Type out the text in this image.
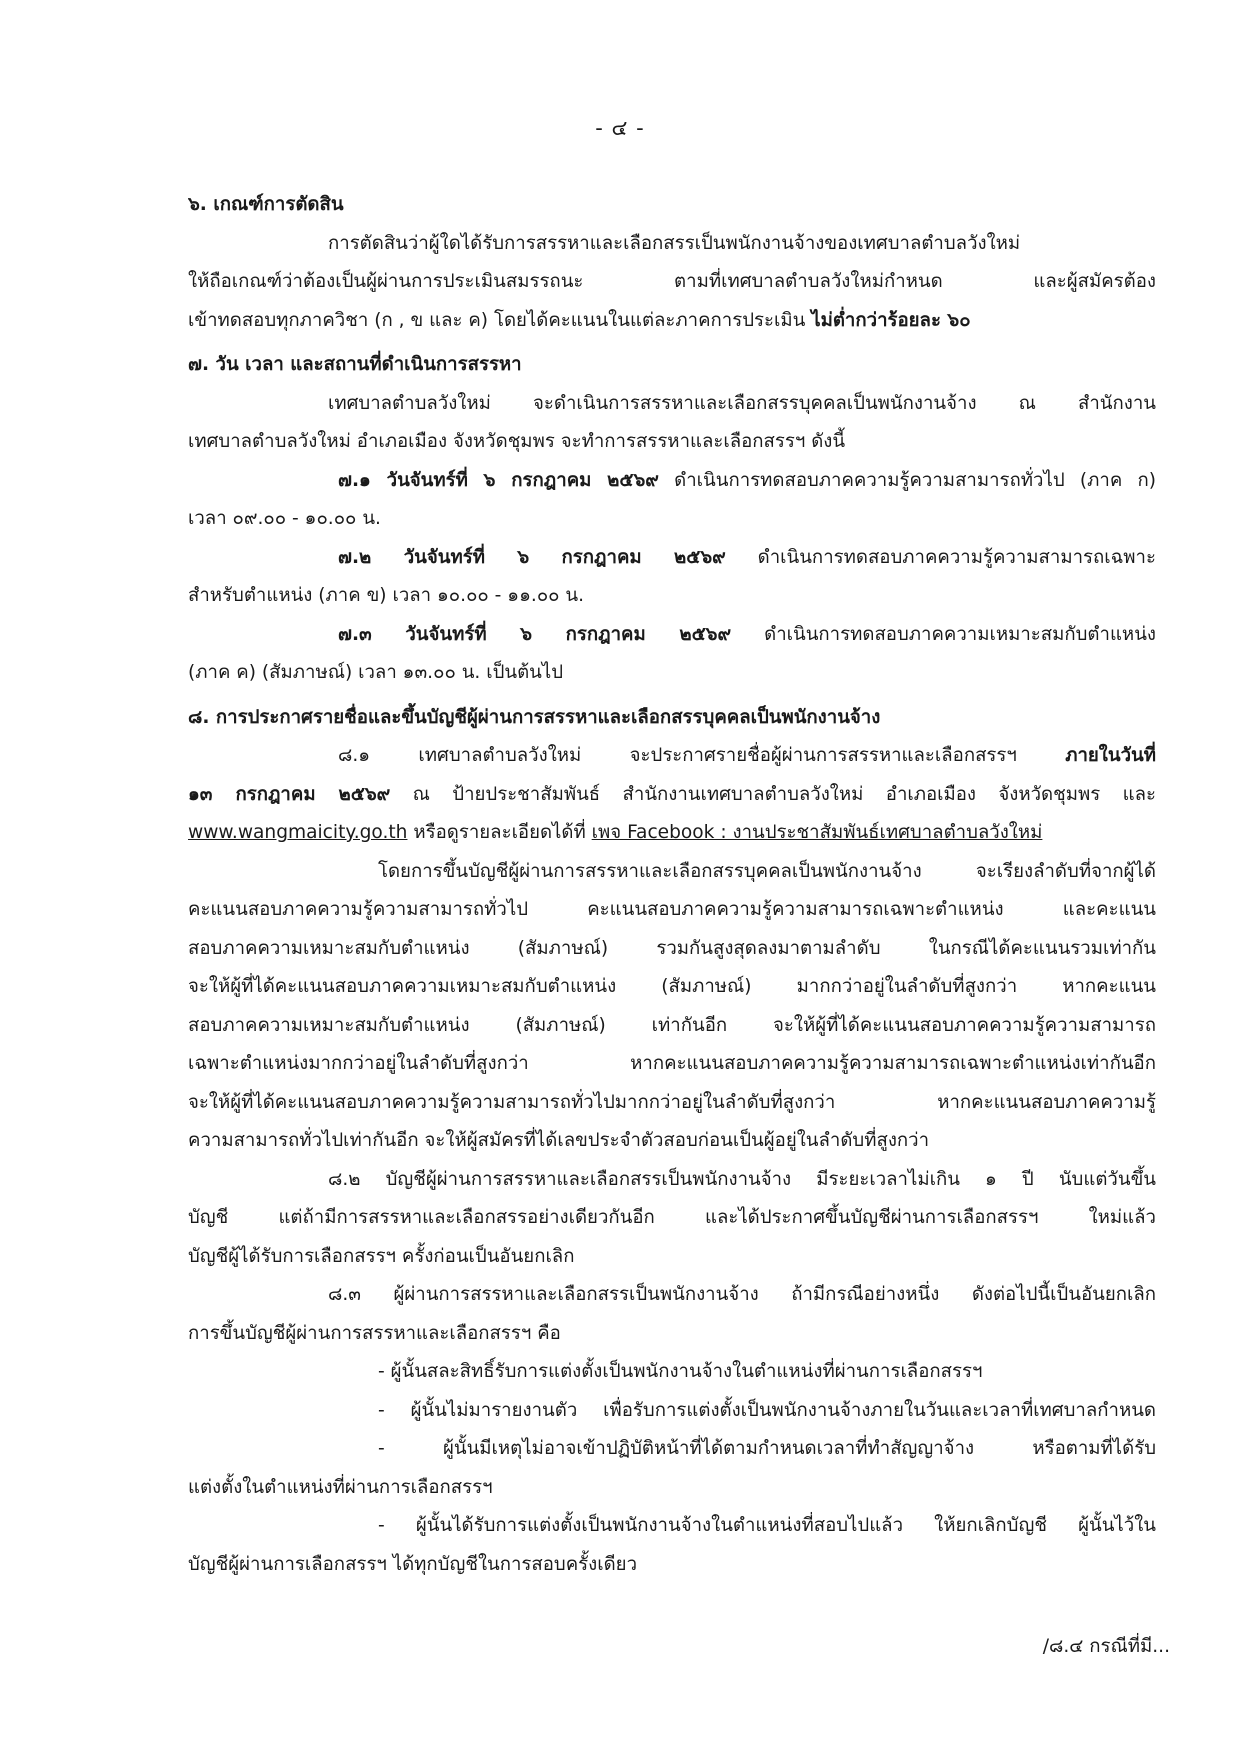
- ๔ -
๖. เกณฑ์การตัดสิน
การตัดสินว่าผู้ใดได้รับการสรรหาและเลือกสรรเป็นพนักงานจ้างของเทศบาลตำบลวังใหม่
ให้ถือเกณฑ์ว่าต้องเป็นผู้ผ่านการประเมินสมรรถนะ ตามที่เทศบาลตำบลวังใหม่กำหนด และผู้สมัครต้อง
เข้าทดสอบทุกภาควิชา (ก , ข และ ค) โดยได้คะแนนในแต่ละภาคการประเมิน ไม่ต่ำกว่าร้อยละ ๖๐
๗. วัน เวลา และสถานที่ดำเนินการสรรหา
เทศบาลตำบลวังใหม่ จะดำเนินการสรรหาและเลือกสรรบุคคลเป็นพนักงานจ้าง ณ สำนักงาน
เทศบาลตำบลวังใหม่ อำเภอเมือง จังหวัดชุมพร จะทำการสรรหาและเลือกสรรฯ ดังนี้
๗.๑ วันจันทร์ที่ ๖ กรกฎาคม ๒๕๖๙ ดำเนินการทดสอบภาคความรู้ความสามารถทั่วไป (ภาค ก)
เวลา ๐๙.๐๐ - ๑๐.๐๐ น.
๗.๒ วันจันทร์ที่ ๖ กรกฎาคม ๒๕๖๙ ดำเนินการทดสอบภาคความรู้ความสามารถเฉพาะ
สำหรับตำแหน่ง (ภาค ข) เวลา ๑๐.๐๐ - ๑๑.๐๐ น.
๗.๓ วันจันทร์ที่ ๖ กรกฎาคม ๒๕๖๙ ดำเนินการทดสอบภาคความเหมาะสมกับตำแหน่ง
(ภาค ค) (สัมภาษณ์) เวลา ๑๓.๐๐ น. เป็นต้นไป
๘. การประกาศรายชื่อและขึ้นบัญชีผู้ผ่านการสรรหาและเลือกสรรบุคคลเป็นพนักงานจ้าง
๘.๑ เทศบาลตำบลวังใหม่ จะประกาศรายชื่อผู้ผ่านการสรรหาและเลือกสรรฯ ภายในวันที่
๑๓ กรกฎาคม ๒๕๖๙ ณ ป้ายประชาสัมพันธ์ สำนักงานเทศบาลตำบลวังใหม่ อำเภอเมือง จังหวัดชุมพร และ
www.wangmaicity.go.th หรือดูรายละเอียดได้ที่ เพจ Facebook : งานประชาสัมพันธ์เทศบาลตำบลวังใหม่
โดยการขึ้นบัญชีผู้ผ่านการสรรหาและเลือกสรรบุคคลเป็นพนักงานจ้าง จะเรียงลำดับที่จากผู้ได้
คะแนนสอบภาคความรู้ความสามารถทั่วไป คะแนนสอบภาคความรู้ความสามารถเฉพาะตำแหน่ง และคะแนน
สอบภาคความเหมาะสมกับตำแหน่ง (สัมภาษณ์) รวมกันสูงสุดลงมาตามลำดับ ในกรณีได้คะแนนรวมเท่ากัน
จะให้ผู้ที่ได้คะแนนสอบภาคความเหมาะสมกับตำแหน่ง (สัมภาษณ์) มากกว่าอยู่ในลำดับที่สูงกว่า หากคะแนน
สอบภาคความเหมาะสมกับตำแหน่ง (สัมภาษณ์) เท่ากันอีก จะให้ผู้ที่ได้คะแนนสอบภาคความรู้ความสามารถ
เฉพาะตำแหน่งมากกว่าอยู่ในลำดับที่สูงกว่า หากคะแนนสอบภาคความรู้ความสามารถเฉพาะตำแหน่งเท่ากันอีก
จะให้ผู้ที่ได้คะแนนสอบภาคความรู้ความสามารถทั่วไปมากกว่าอยู่ในลำดับที่สูงกว่า หากคะแนนสอบภาคความรู้
ความสามารถทั่วไปเท่ากันอีก จะให้ผู้สมัครที่ได้เลขประจำตัวสอบก่อนเป็นผู้อยู่ในลำดับที่สูงกว่า
๘.๒ บัญชีผู้ผ่านการสรรหาและเลือกสรรเป็นพนักงานจ้าง มีระยะเวลาไม่เกิน ๑ ปี นับแต่วันขึ้น
บัญชี แต่ถ้ามีการสรรหาและเลือกสรรอย่างเดียวกันอีก และได้ประกาศขึ้นบัญชีผ่านการเลือกสรรฯ ใหม่แล้ว
บัญชีผู้ได้รับการเลือกสรรฯ ครั้งก่อนเป็นอันยกเลิก
๘.๓ ผู้ผ่านการสรรหาและเลือกสรรเป็นพนักงานจ้าง ถ้ามีกรณีอย่างหนึ่ง ดังต่อไปนี้เป็นอันยกเลิก
การขึ้นบัญชีผู้ผ่านการสรรหาและเลือกสรรฯ คือ
- ผู้นั้นสละสิทธิ์รับการแต่งตั้งเป็นพนักงานจ้างในตำแหน่งที่ผ่านการเลือกสรรฯ
- ผู้นั้นไม่มารายงานตัว เพื่อรับการแต่งตั้งเป็นพนักงานจ้างภายในวันและเวลาที่เทศบาลกำหนด
- ผู้นั้นมีเหตุไม่อาจเข้าปฏิบัติหน้าที่ได้ตามกำหนดเวลาที่ทำสัญญาจ้าง หรือตามที่ได้รับ
แต่งตั้งในตำแหน่งที่ผ่านการเลือกสรรฯ
- ผู้นั้นได้รับการแต่งตั้งเป็นพนักงานจ้างในตำแหน่งที่สอบไปแล้ว ให้ยกเลิกบัญชี ผู้นั้นไว้ใน
บัญชีผู้ผ่านการเลือกสรรฯ ได้ทุกบัญชีในการสอบครั้งเดียว
/๘.๔ กรณีที่มี...
